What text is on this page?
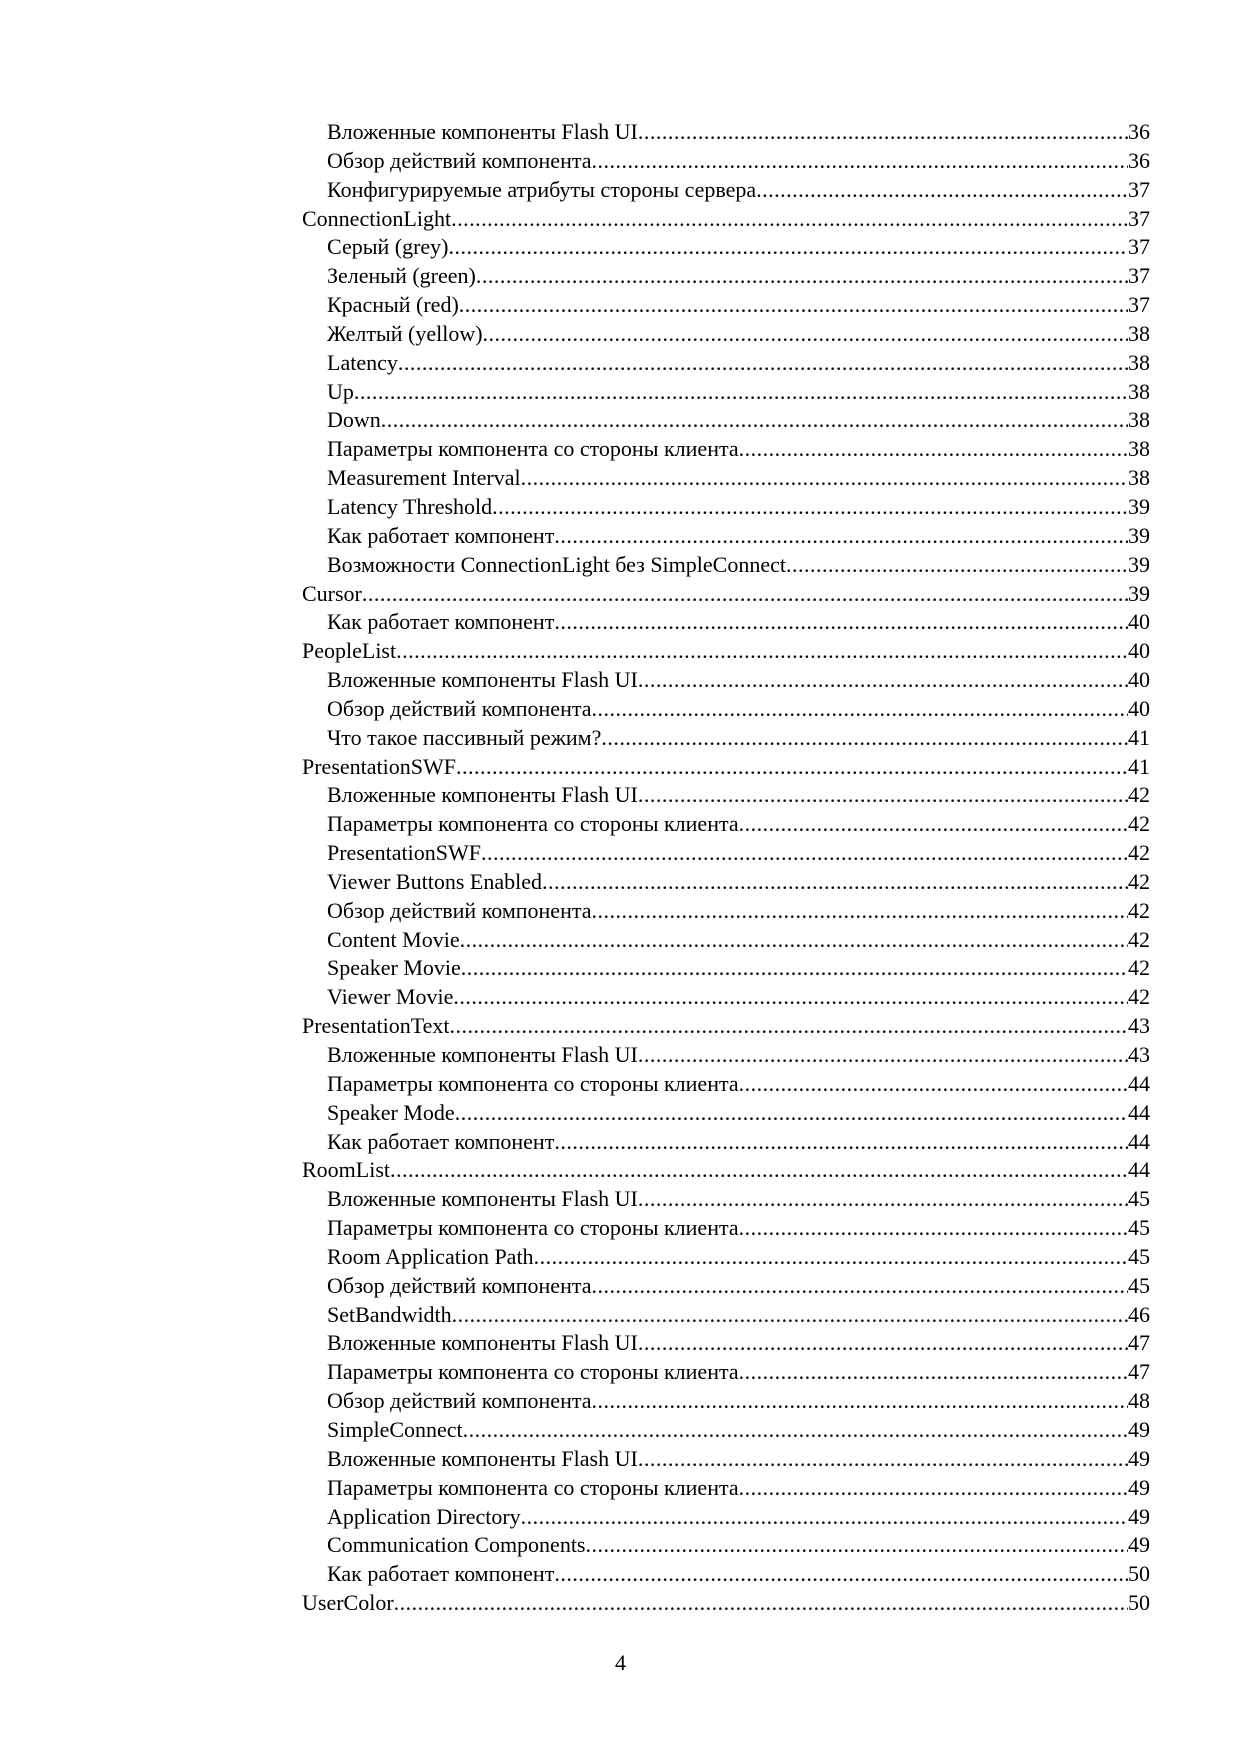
Вложенные компоненты Flash UI .....	36
Обзор действий компонента .....	36
Конфигурируемые атрибуты стороны сервера .....	37
ConnectionLight .....	37
Серый (grey) .....	37
Зеленый (green) .....	37
Красный (red) .....	37
Желтый (yellow) .....	38
Latency .....	38
Up .....	38
Down .....	38
Параметры компонента со стороны клиента .....	38
Measurement Interval .....	38
Latency Threshold .....	39
Как работает компонент .....	39
Возможности ConnectionLight без SimpleConnect .....	39
Cursor .....	39
Как работает компонент .....	40
PeopleList .....	40
Вложенные компоненты Flash UI .....	40
Обзор действий компонента .....	40
Что такое пассивный режим? .....	41
PresentationSWF .....	41
Вложенные компоненты Flash UI .....	42
Параметры компонента со стороны клиента .....	42
PresentationSWF .....	42
Viewer Buttons Enabled .....	42
Обзор действий компонента .....	42
Content Movie .....	42
Speaker Movie .....	42
Viewer Movie .....	42
PresentationText .....	43
Вложенные компоненты Flash UI .....	43
Параметры компонента со стороны клиента .....	44
Speaker Mode .....	44
Как работает компонент .....	44
RoomList .....	44
Вложенные компоненты Flash UI .....	45
Параметры компонента со стороны клиента .....	45
Room Application Path .....	45
Обзор действий компонента .....	45
SetBandwidth .....	46
Вложенные компоненты Flash UI .....	47
Параметры компонента со стороны клиента .....	47
Обзор действий компонента .....	48
SimpleConnect .....	49
Вложенные компоненты Flash UI .....	49
Параметры компонента со стороны клиента .....	49
Application Directory .....	49
Communication Components .....	49
Как работает компонент .....	50
UserColor .....	50
4
